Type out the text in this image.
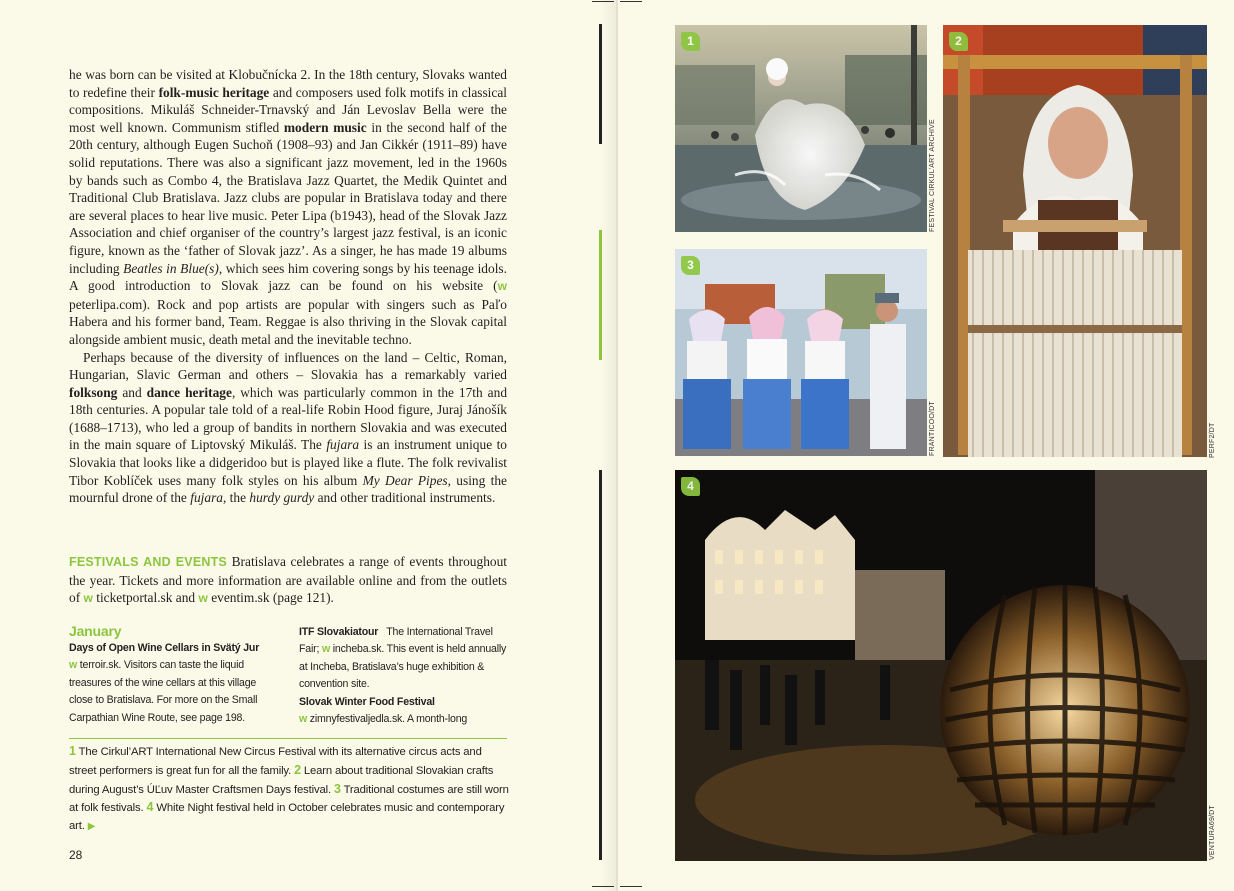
he was born can be visited at Klobučnícka 2. In the 18th century, Slovaks wanted to redefine their folk-music heritage and composers used folk motifs in classical compositions. Mikuláš Schneider-Trnavský and Ján Levoslav Bella were the most well known. Communism stifled modern music in the second half of the 20th century, although Eugen Suchoň (1908–93) and Jan Cikkér (1911–89) have solid reputations. There was also a significant jazz movement, led in the 1960s by bands such as Combo 4, the Bratislava Jazz Quartet, the Medik Quintet and Traditional Club Bratislava. Jazz clubs are popular in Bratislava today and there are several places to hear live music. Peter Lipa (b1943), head of the Slovak Jazz Association and chief organiser of the country’s largest jazz festival, is an iconic figure, known as the ‘father of Slovak jazz’. As a singer, he has made 19 albums including Beatles in Blue(s), which sees him covering songs by his teenage idols. A good introduction to Slovak jazz can be found on his website (w peterlipa.com). Rock and pop artists are popular with singers such as Paľo Habera and his former band, Team. Reggae is also thriving in the Slovak capital alongside ambient music, death metal and the inevitable techno.

Perhaps because of the diversity of influences on the land – Celtic, Roman, Hungarian, Slavic German and others – Slovakia has a remarkably varied folksong and dance heritage, which was particularly common in the 17th and 18th centuries. A popular tale told of a real-life Robin Hood figure, Juraj Jánošík (1688–1713), who led a group of bandits in northern Slovakia and was executed in the main square of Liptovský Mikuláš. The fujara is an instrument unique to Slovakia that looks like a didgeridoo but is played like a flute. The folk revivalist Tibor Koblíček uses many folk styles on his album My Dear Pipes, using the mournful drone of the fujara, the hurdy gurdy and other traditional instruments.

FESTIVALS AND EVENTS Bratislava celebrates a range of events throughout the year. Tickets and more information are available online and from the outlets of w ticketportal.sk and w eventim.sk (page 121).
January
Days of Open Wine Cellars in Svätý Jur
w terroir.sk. Visitors can taste the liquid treasures of the wine cellars at this village close to Bratislava. For more on the Small Carpathian Wine Route, see page 198.
ITF Slovakiatour The International Travel Fair; w incheba.sk. This event is held annually at Incheba, Bratislava’s huge exhibition & convention site.
Slovak Winter Food Festival
w zimnyfestivaljedla.sk. A month-long
1 The Cirkul’ART International New Circus Festival with its alternative circus acts and street performers is great fun for all the family. 2 Learn about traditional Slovakian crafts during August’s ÚĽuv Master Craftsmen Days festival. 3 Traditional costumes are still worn at folk festivals. 4 White Night festival held in October celebrates music and contemporary art. ▶
28
1
FESTIVAL CIRKUL’ART ARCHIVE
2
PERF2/DT
3
FRANTICOO/DT
4
VENTURA69/DT
